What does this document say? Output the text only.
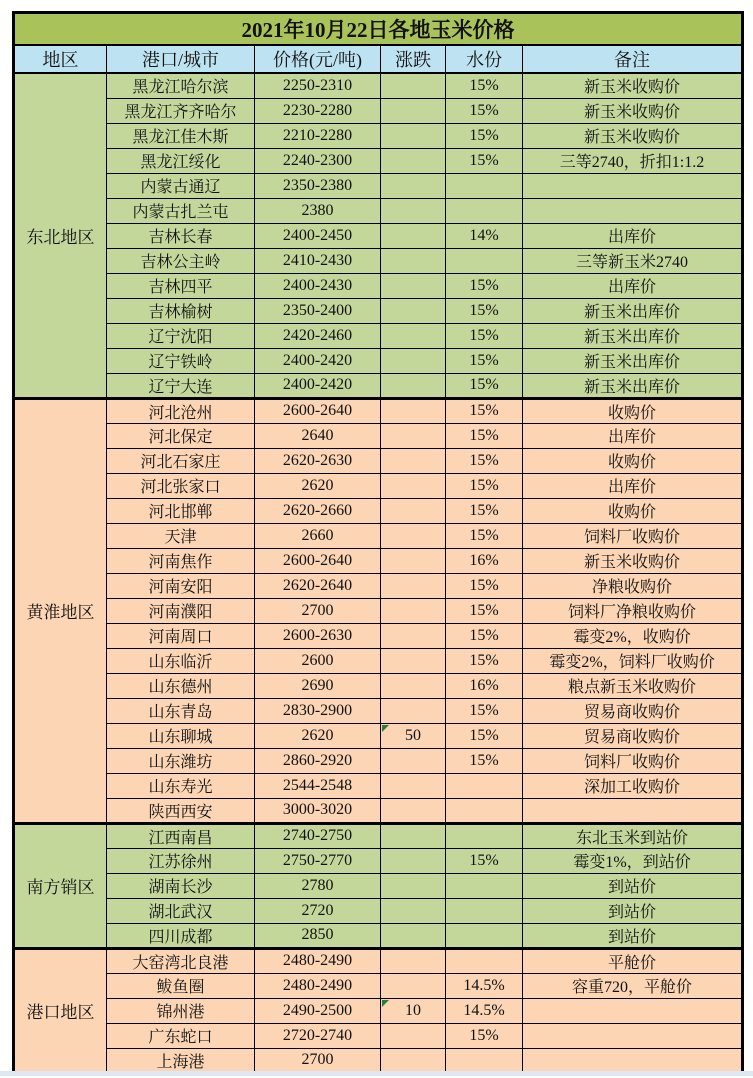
2021年10月22日各地玉米价格					
地区	港口/城市	价格(元/吨)	涨跌	水份	备注
东北地区	黑龙江哈尔滨	2250-2310		15%	新玉米收购价
	黑龙江齐齐哈尔	2230-2280		15%	新玉米收购价
	黑龙江佳木斯	2210-2280		15%	新玉米收购价
	黑龙江绥化	2240-2300		15%	三等2740，折扣1:1.2
	内蒙古通辽	2350-2380			
	内蒙古扎兰屯	2380			
	吉林长春	2400-2450		14%	出库价
	吉林公主岭	2410-2430			三等新玉米2740
	吉林四平	2400-2430		15%	出库价
	吉林榆树	2350-2400		15%	新玉米出库价
	辽宁沈阳	2420-2460		15%	新玉米出库价
	辽宁铁岭	2400-2420		15%	新玉米出库价
	辽宁大连	2400-2420		15%	新玉米出库价
黄淮地区	河北沧州	2600-2640		15%	收购价
	河北保定	2640		15%	出库价
	河北石家庄	2620-2630		15%	收购价
	河北张家口	2620		15%	出库价
	河北邯郸	2620-2660		15%	收购价
	天津	2660		15%	饲料厂收购价
	河南焦作	2600-2640		16%	新玉米收购价
	河南安阳	2620-2640		15%	净粮收购价
	河南濮阳	2700		15%	饲料厂净粮收购价
	河南周口	2600-2630		15%	霉变2%，收购价
	山东临沂	2600		15%	霉变2%，饲料厂收购价
	山东德州	2690		16%	粮点新玉米收购价
	山东青岛	2830-2900		15%	贸易商收购价
	山东聊城	2620	50	15%	贸易商收购价
	山东潍坊	2860-2920		15%	饲料厂收购价
	山东寿光	2544-2548			深加工收购价
	陕西西安	3000-3020			
南方销区	江西南昌	2740-2750			东北玉米到站价
	江苏徐州	2750-2770		15%	霉变1%，到站价
	湖南长沙	2780			到站价
	湖北武汉	2720			到站价
	四川成都	2850			到站价
港口地区	大窑湾北良港	2480-2490			平舱价
	鲅鱼圈	2480-2490		14.5%	容重720，平舱价
	锦州港	2490-2500	10	14.5%	
	广东蛇口	2720-2740		15%	
	上海港	2700			
